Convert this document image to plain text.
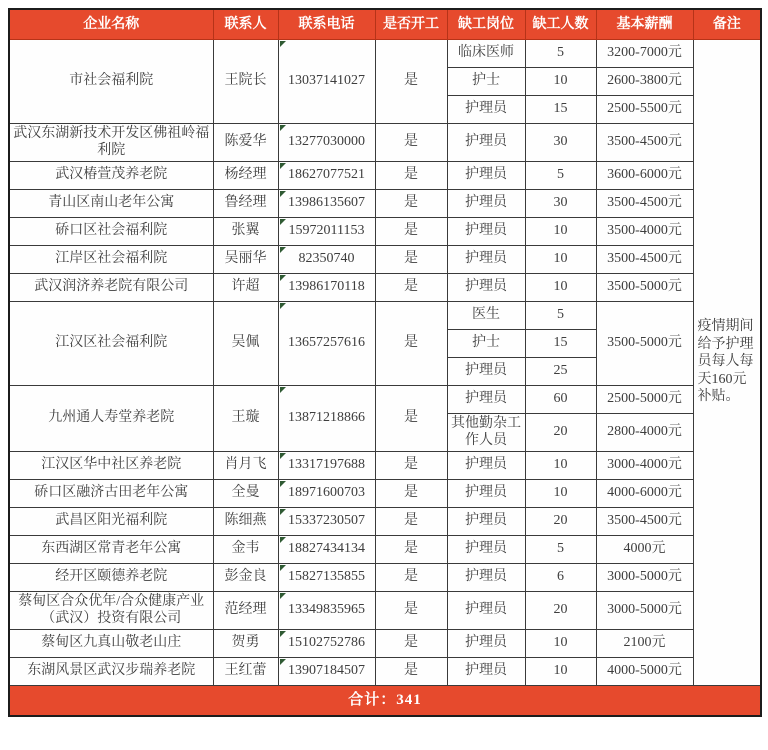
企业名称	联系人	联系电话	是否开工	缺工岗位	缺工人数	基本薪酬	备注
市社会福利院	王院长	13037141027	是	临床医师	5	3200-7000元	疫情期间给予护理员每人每天160元补贴。
				护士	10	2600-3800元	
				护理员	15	2500-5500元	
武汉东湖新技术开发区佛祖岭福利院	陈爱华	13277030000	是	护理员	30	3500-4500元	
武汉椿萱茂养老院	杨经理	18627077521	是	护理员	5	3600-6000元	
青山区南山老年公寓	鲁经理	13986135607	是	护理员	30	3500-4500元	
硚口区社会福利院	张翼	15972011153	是	护理员	10	3500-4000元	
江岸区社会福利院	吴丽华	82350740	是	护理员	10	3500-4500元	
武汉润济养老院有限公司	许超	13986170118	是	护理员	10	3500-5000元	
江汉区社会福利院	吴佩	13657257616	是	医生	5	3500-5000元	
				护士	15		
				护理员	25		
九州通人寿堂养老院	王璇	13871218866	是	护理员	60	2500-5000元	
				其他勤杂工作人员	20	2800-4000元	
江汉区华中社区养老院	肖月飞	13317197688	是	护理员	10	3000-4000元	
硚口区融济古田老年公寓	全曼	18971600703	是	护理员	10	4000-6000元	
武昌区阳光福利院	陈细燕	15337230507	是	护理员	20	3500-4500元	
东西湖区常青老年公寓	金韦	18827434134	是	护理员	5	4000元	
经开区颐德养老院	彭金良	15827135855	是	护理员	6	3000-5000元	
蔡甸区合众优年/合众健康产业（武汉）投资有限公司	范经理	13349835965	是	护理员	20	3000-5000元	
蔡甸区九真山敬老山庄	贺勇	15102752786	是	护理员	10	2100元	
东湖风景区武汉步瑞养老院	王红蕾	13907184507	是	护理员	10	4000-5000元	
合计：341							
